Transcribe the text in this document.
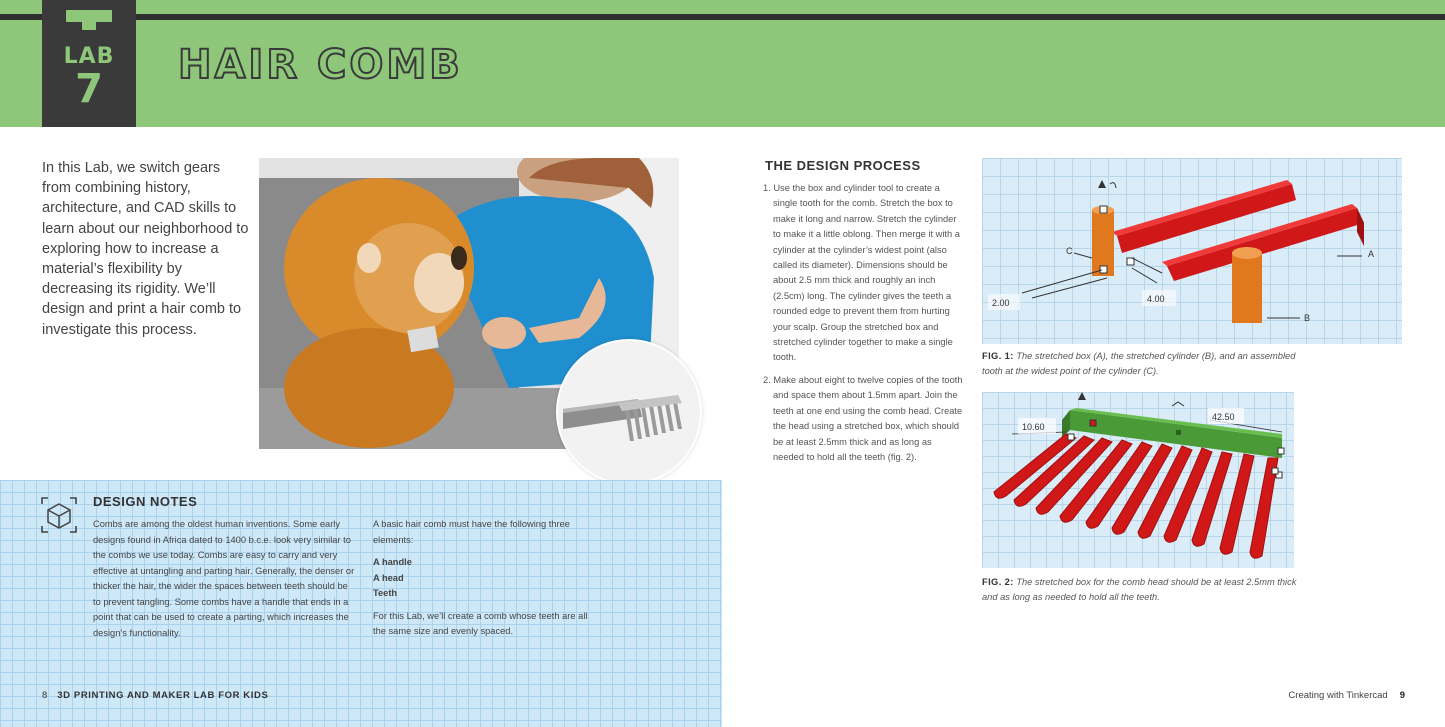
LAB
7
HAIR COMB
In this Lab, we switch gears from combining history, architecture, and CAD skills to learn about our neighborhood to exploring how to increase a material’s flexibility by decreasing its rigidity. We’ll design and print a hair comb to investigate this process.
DESIGN NOTES
Combs are among the oldest human inventions. Some early designs found in Africa dated to 1400 b.c.e. look very similar to the combs we use today. Combs are easy to carry and very effective at untangling and parting hair. Generally, the denser or thicker the hair, the wider the spaces between teeth should be to prevent tangling. Some combs have a handle that ends in a point that can be used to create a parting, which increases the design’s functionality.

A basic hair comb must have the following three elements:

A handle

A head

Teeth

For this Lab, we’ll create a comb whose teeth are all the same size and evenly spaced.

8 3D PRINTING AND MAKER LAB FOR KIDS	Creating with Tinkercad 9
THE DESIGN PROCESS
1. Use the box and cylinder tool to create a single tooth for the comb. Stretch the box to make it long and narrow. Stretch the cylinder to make it a little oblong. Then merge it with a cylinder at the cylinder’s widest point (also called its diameter). Dimensions should be about 2.5 mm thick and roughly an inch (2.5cm) long. The cylinder gives the teeth a rounded edge to prevent them from hurting your scalp. Group the stretched box and stretched cylinder together to make a single tooth.
2. Make about eight to twelve copies of the tooth and space them about 1.5mm apart. Join the teeth at one end using the comb head. Create the head using a stretched box, which should be at least 2.5mm thick and as long as needed to hold all the teeth (fig. 2).
C	A
B
2.00	4.00
FIG. 1: The stretched box (A), the stretched cylinder (B), and an assembled tooth at the widest point of the cylinder (C).
10.60
42.50
FIG. 2: The stretched box for the comb head should be at least 2.5mm thick and as long as needed to hold all the teeth.
